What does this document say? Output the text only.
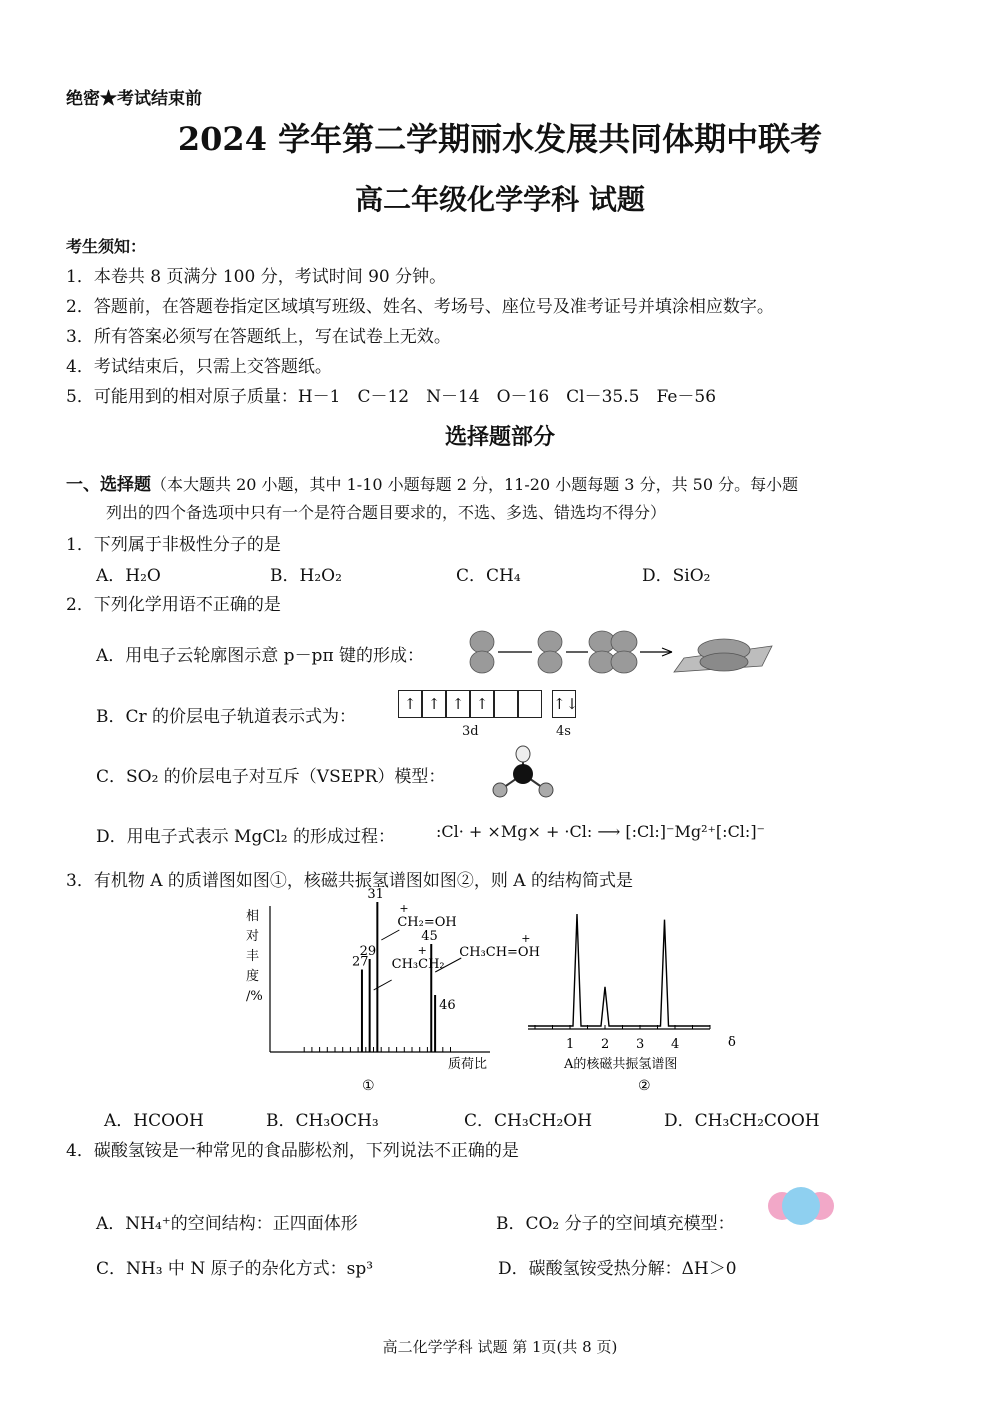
绝密★考试结束前
2024 学年第二学期丽水发展共同体期中联考
高二年级化学学科 试题
考生须知：
1．本卷共 8 页满分 100 分，考试时间 90 分钟。
2．答题前，在答题卷指定区域填写班级、姓名、考场号、座位号及准考证号并填涂相应数字。
3．所有答案必须写在答题纸上，写在试卷上无效。
4．考试结束后，只需上交答题纸。
5．可能用到的相对原子质量：H－1　C－12　N－14　O－16　Cl－35.5　Fe－56
选择题部分
一、选择题（本大题共 20 小题，其中 1-10 小题每题 2 分，11-20 小题每题 3 分，共 50 分。每小题
列出的四个备选项中只有一个是符合题目要求的，不选、多选、错选均不得分）
1．下列属于非极性分子的是
A．H₂O	B．H₂O₂	C．CH₄	D．SiO₂
2．下列化学用语不正确的是
A．用电子云轮廓图示意 p－pπ 键的形成：
B．Cr 的价层电子轨道表示式为：
↑ ↑ ↑ ↑	↑↓
3d	4s
C．SO₂ 的价层电子对互斥（VSEPR）模型：
D．用电子式表示 MgCl₂ 的形成过程：	:Cl· + ×Mg× + ·Cl: ⟶ [:Cl:]⁻Mg²⁺[:Cl:]⁻
3．有机物 A 的质谱图如图①，核磁共振氢谱图如图②，则 A 的结构简式是
相
对
丰
度
/%
27
29
31
45
46
+
CH₂=OH
+
CH₃CH₂
+
CH₃CH=OH
质荷比
①
1 2 3 4	δ
A的核磁共振氢谱图
②
A．HCOOH	B．CH₃OCH₃	C．CH₃CH₂OH	D．CH₃CH₂COOH
4．碳酸氢铵是一种常见的食品膨松剂，下列说法不正确的是
A．NH₄⁺的空间结构：正四面体形	B．CO₂ 分子的空间填充模型：
C．NH₃ 中 N 原子的杂化方式：sp³	D．碳酸氢铵受热分解：ΔH＞0
高二化学学科 试题 第 1页(共 8 页)
